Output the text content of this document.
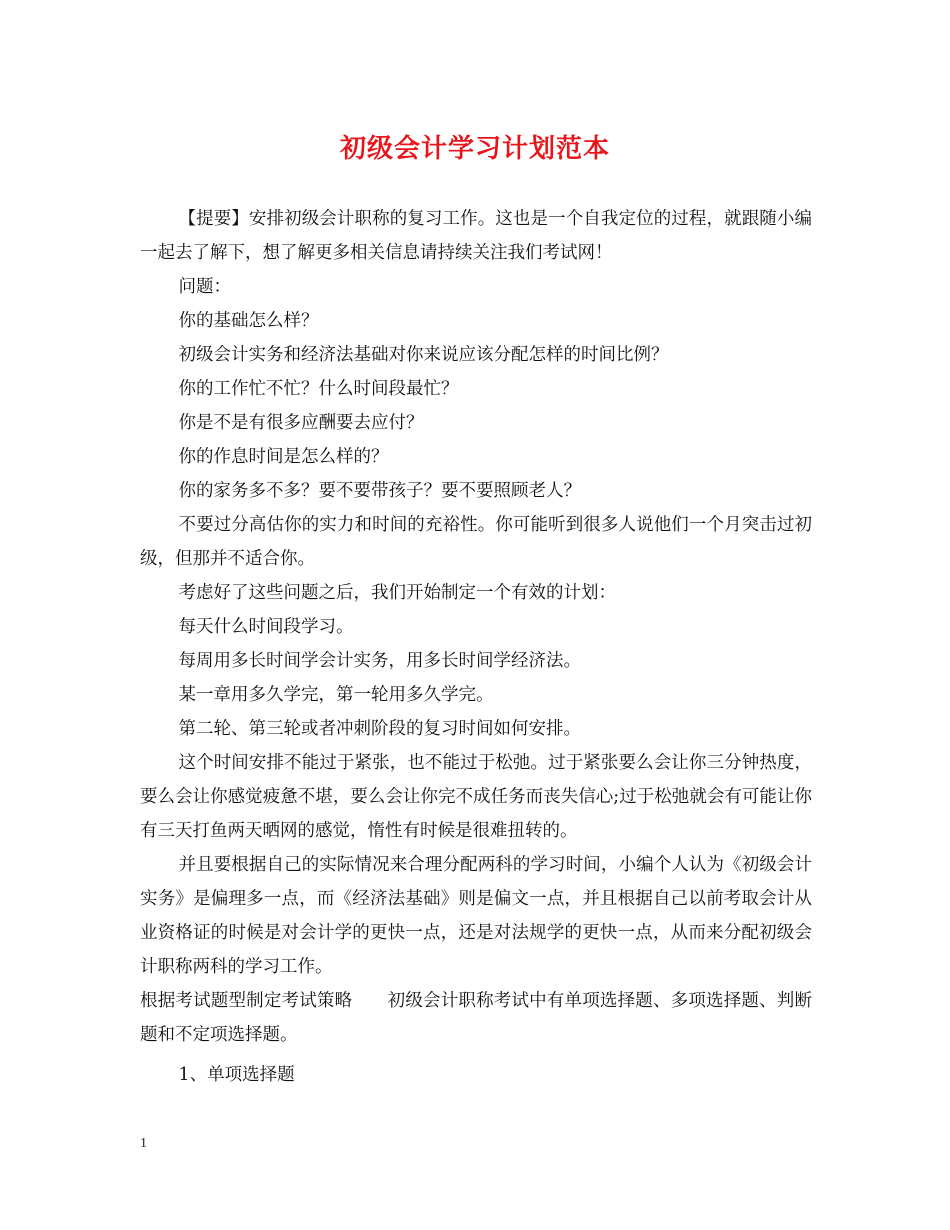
初级会计学习计划范本

【提要】安排初级会计职称的复习工作。这也是一个自我定位的过程，就跟随小编一起去了解下，想了解更多相关信息请持续关注我们考试网！

问题：

你的基础怎么样？

初级会计实务和经济法基础对你来说应该分配怎样的时间比例？

你的工作忙不忙？什么时间段最忙？

你是不是有很多应酬要去应付？

你的作息时间是怎么样的？

你的家务多不多？要不要带孩子？要不要照顾老人？

不要过分高估你的实力和时间的充裕性。你可能听到很多人说他们一个月突击过初级，但那并不适合你。

考虑好了这些问题之后，我们开始制定一个有效的计划：

每天什么时间段学习。

每周用多长时间学会计实务，用多长时间学经济法。

某一章用多久学完，第一轮用多久学完。

第二轮、第三轮或者冲刺阶段的复习时间如何安排。

这个时间安排不能过于紧张，也不能过于松弛。过于紧张要么会让你三分钟热度，要么会让你感觉疲惫不堪，要么会让你完不成任务而丧失信心;过于松弛就会有可能让你有三天打鱼两天晒网的感觉，惰性有时候是很难扭转的。

并且要根据自己的实际情况来合理分配两科的学习时间，小编个人认为《初级会计实务》是偏理多一点，而《经济法基础》则是偏文一点，并且根据自己以前考取会计从业资格证的时候是对会计学的更快一点，还是对法规学的更快一点，从而来分配初级会计职称两科的学习工作。

根据考试题型制定考试策略　　初级会计职称考试中有单项选择题、多项选择题、判断题和不定项选择题。

1、单项选择题

1
